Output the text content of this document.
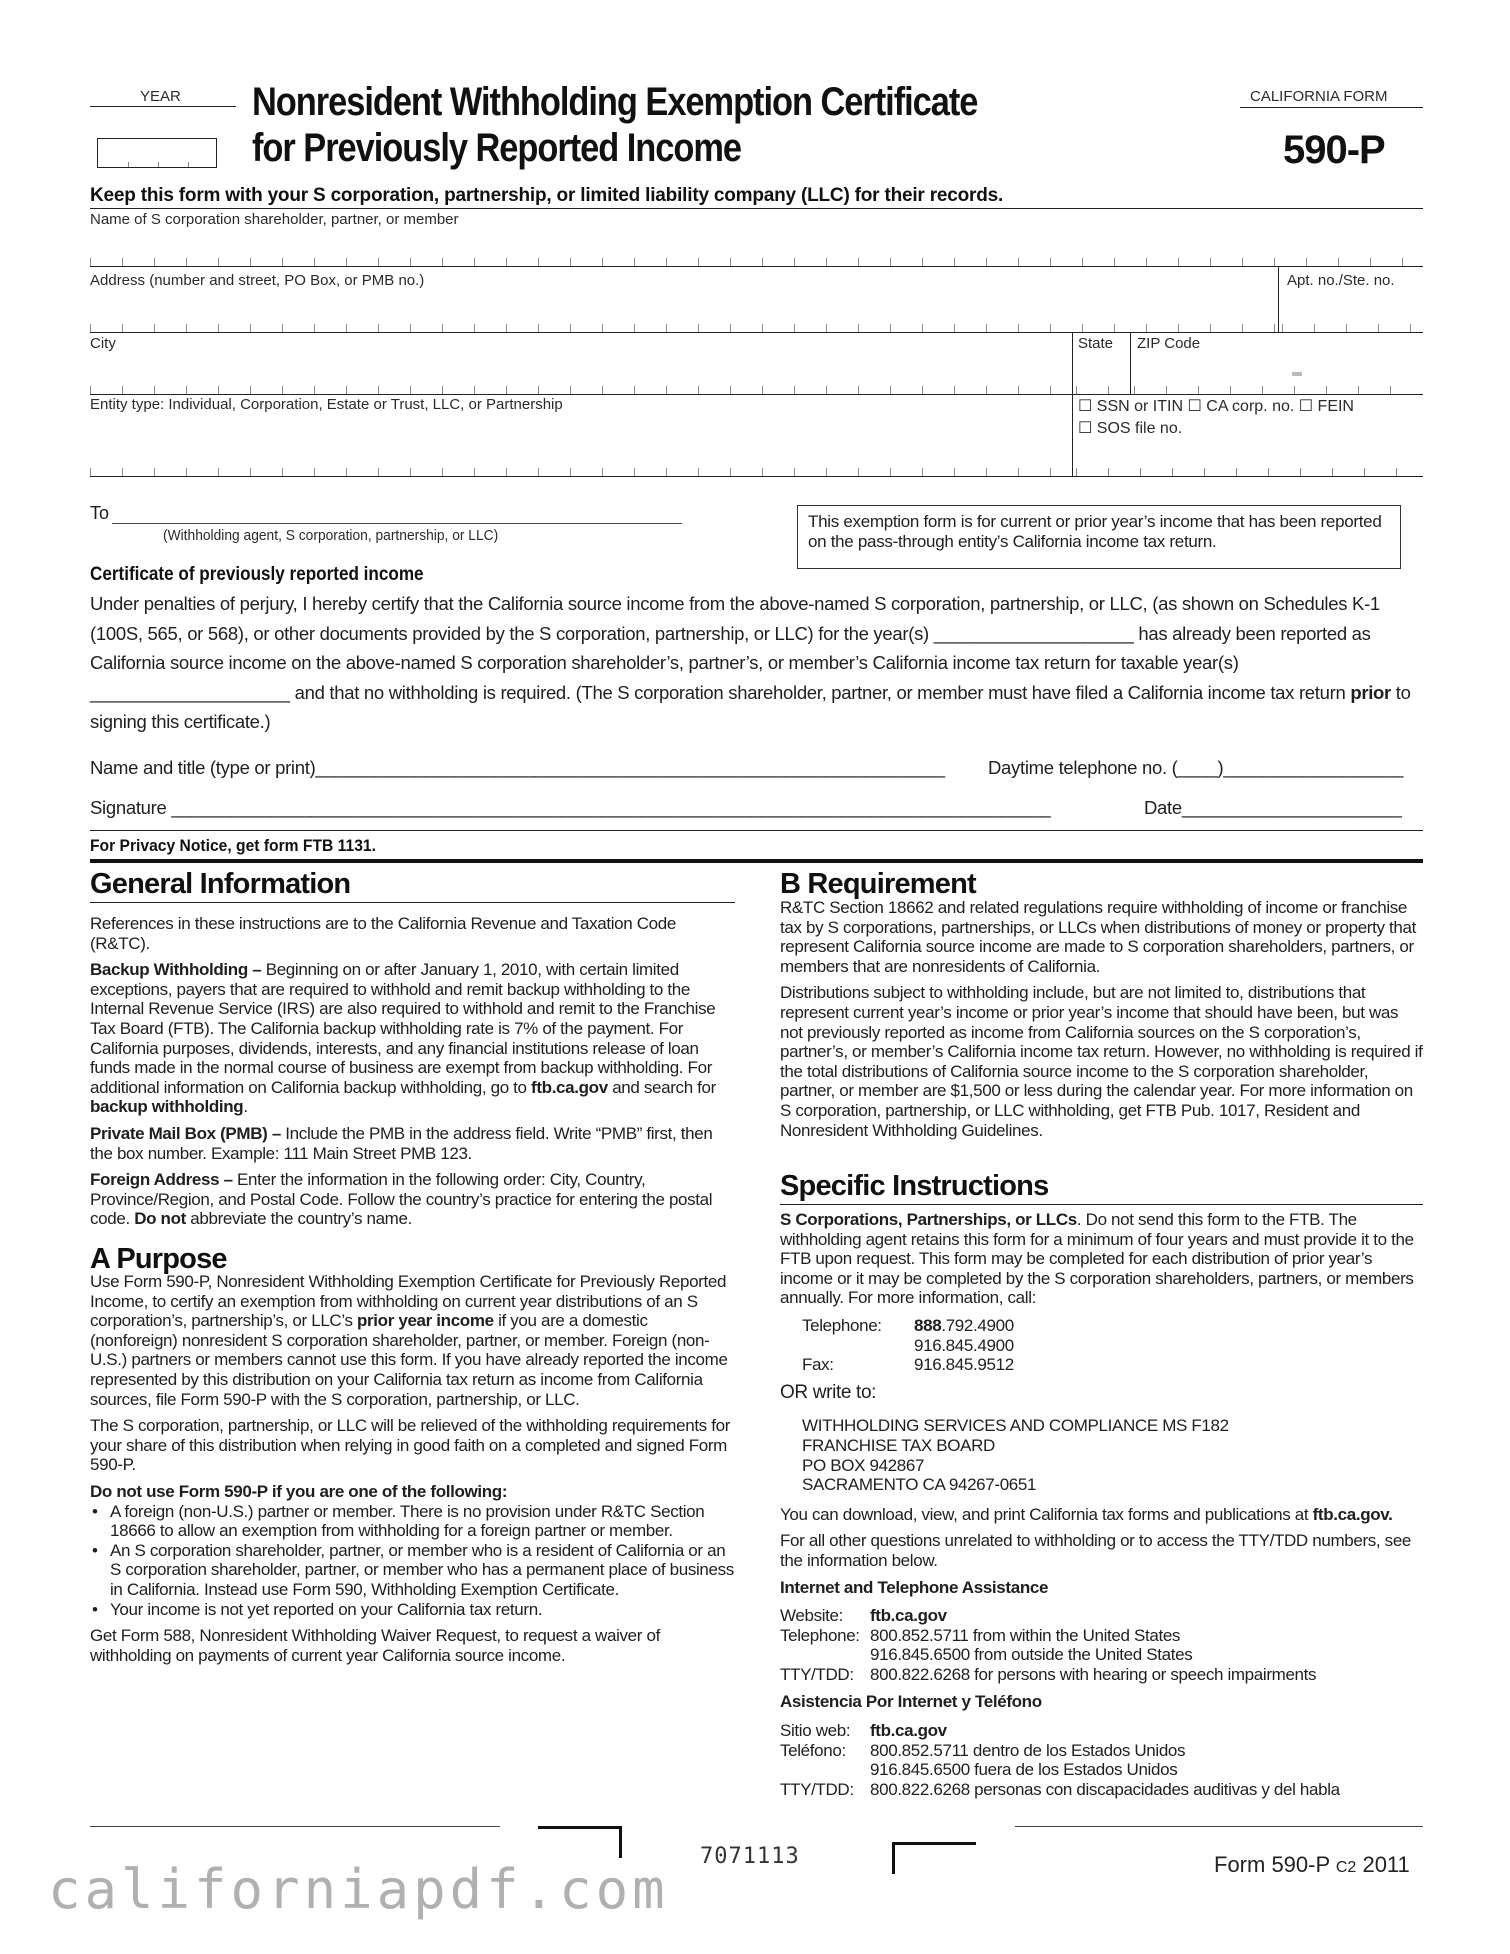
YEAR Nonresident Withholding Exemption Certificate
for Previously Reported Income
CALIFORNIA FORM
590-P
Keep this form with your S corporation, partnership, or limited liability company (LLC) for their records.
Name of S corporation shareholder, partner, or member
Address (number and street, PO Box, or PMB no.)	Apt. no./Ste. no.
City	State ZIP Code
Entity type: Individual, Corporation, Estate or Trust, LLC, or Partnership	☐ SSN or ITIN ☐ CA corp. no. ☐ FEIN
☐ SOS file no.
To
(Withholding agent, S corporation, partnership, or LLC)
This exemption form is for current or prior year’s income that has been reported on the pass-through entity’s California income tax return.
Certificate of previously reported income
Under penalties of perjury, I hereby certify that the California source income from the above-named S corporation, partnership, or LLC, (as shown on Schedules K-1 (100S, 565, or 568), or other documents provided by the S corporation, partnership, or LLC) for the year(s) ____________________ has already been reported as California source income on the above-named S corporation shareholder’s, partner’s, or member’s California income tax return for taxable year(s) ____________________ and that no withholding is required. (The S corporation shareholder, partner, or member must have filed a California income tax return prior to signing this certificate.)
Name and title (type or print)_______________________________________________________________ Daytime telephone no. (____)__________________
Signature ________________________________________________________________________________________	Date______________________
For Privacy Notice, get form FTB 1131.
General Information
References in these instructions are to the California Revenue and Taxation Code (R&TC).
Backup Withholding – Beginning on or after January 1, 2010, with certain limited exceptions, payers that are required to withhold and remit backup withholding to the Internal Revenue Service (IRS) are also required to withhold and remit to the Franchise Tax Board (FTB). The California backup withholding rate is 7% of the payment. For California purposes, dividends, interests, and any financial institutions release of loan funds made in the normal course of business are exempt from backup withholding. For additional information on California backup withholding, go to ftb.ca.gov and search for backup withholding.
Private Mail Box (PMB) – Include the PMB in the address field. Write “PMB” first, then the box number. Example: 111 Main Street PMB 123.
Foreign Address – Enter the information in the following order: City, Country, Province/Region, and Postal Code. Follow the country’s practice for entering the postal code. Do not abbreviate the country’s name.
A Purpose
Use Form 590-P, Nonresident Withholding Exemption Certificate for Previously Reported Income, to certify an exemption from withholding on current year distributions of an S corporation’s, partnership’s, or LLC’s prior year income if you are a domestic (nonforeign) nonresident S corporation shareholder, partner, or member. Foreign (non-U.S.) partners or members cannot use this form. If you have already reported the income represented by this distribution on your California tax return as income from California sources, file Form 590-P with the S corporation, partnership, or LLC.
The S corporation, partnership, or LLC will be relieved of the withholding requirements for your share of this distribution when relying in good faith on a completed and signed Form 590-P.
Do not use Form 590-P if you are one of the following:
• A foreign (non-U.S.) partner or member. There is no provision under R&TC Section 18666 to allow an exemption from withholding for a foreign partner or member.
• An S corporation shareholder, partner, or member who is a resident of California or an S corporation shareholder, partner, or member who has a permanent place of business in California. Instead use Form 590, Withholding Exemption Certificate.
• Your income is not yet reported on your California tax return.
Get Form 588, Nonresident Withholding Waiver Request, to request a waiver of withholding on payments of current year California source income.
B Requirement
R&TC Section 18662 and related regulations require withholding of income or franchise tax by S corporations, partnerships, or LLCs when distributions of money or property that represent California source income are made to S corporation shareholders, partners, or members that are nonresidents of California.
Distributions subject to withholding include, but are not limited to, distributions that represent current year’s income or prior year’s income that should have been, but was not previously reported as income from California sources on the S corporation’s, partner’s, or member’s California income tax return. However, no withholding is required if the total distributions of California source income to the S corporation shareholder, partner, or member are $1,500 or less during the calendar year. For more information on S corporation, partnership, or LLC withholding, get FTB Pub. 1017, Resident and Nonresident Withholding Guidelines.
Specific Instructions
S Corporations, Partnerships, or LLCs. Do not send this form to the FTB. The withholding agent retains this form for a minimum of four years and must provide it to the FTB upon request. This form may be completed for each distribution of prior year’s income or it may be completed by the S corporation shareholders, partners, or members annually. For more information, call:
Telephone:	888.792.4900
916.845.4900
Fax:	916.845.9512
OR write to:
WITHHOLDING SERVICES AND COMPLIANCE MS F182
FRANCHISE TAX BOARD
PO BOX 942867
SACRAMENTO CA 94267-0651
You can download, view, and print California tax forms and publications at ftb.ca.gov.
For all other questions unrelated to withholding or to access the TTY/TDD numbers, see the information below.
Internet and Telephone Assistance
Website:	ftb.ca.gov
Telephone: 800.852.5711 from within the United States
916.845.6500 from outside the United States
TTY/TDD: 800.822.6268 for persons with hearing or speech impairments
Asistencia Por Internet y Teléfono
Sitio web:	ftb.ca.gov
Teléfono:	800.852.5711 dentro de los Estados Unidos
916.845.6500 fuera de los Estados Unidos
TTY/TDD: 800.822.6268 personas con discapacidades auditivas y del habla
7071113	Form 590-P C2 2011
californiapdf.com
